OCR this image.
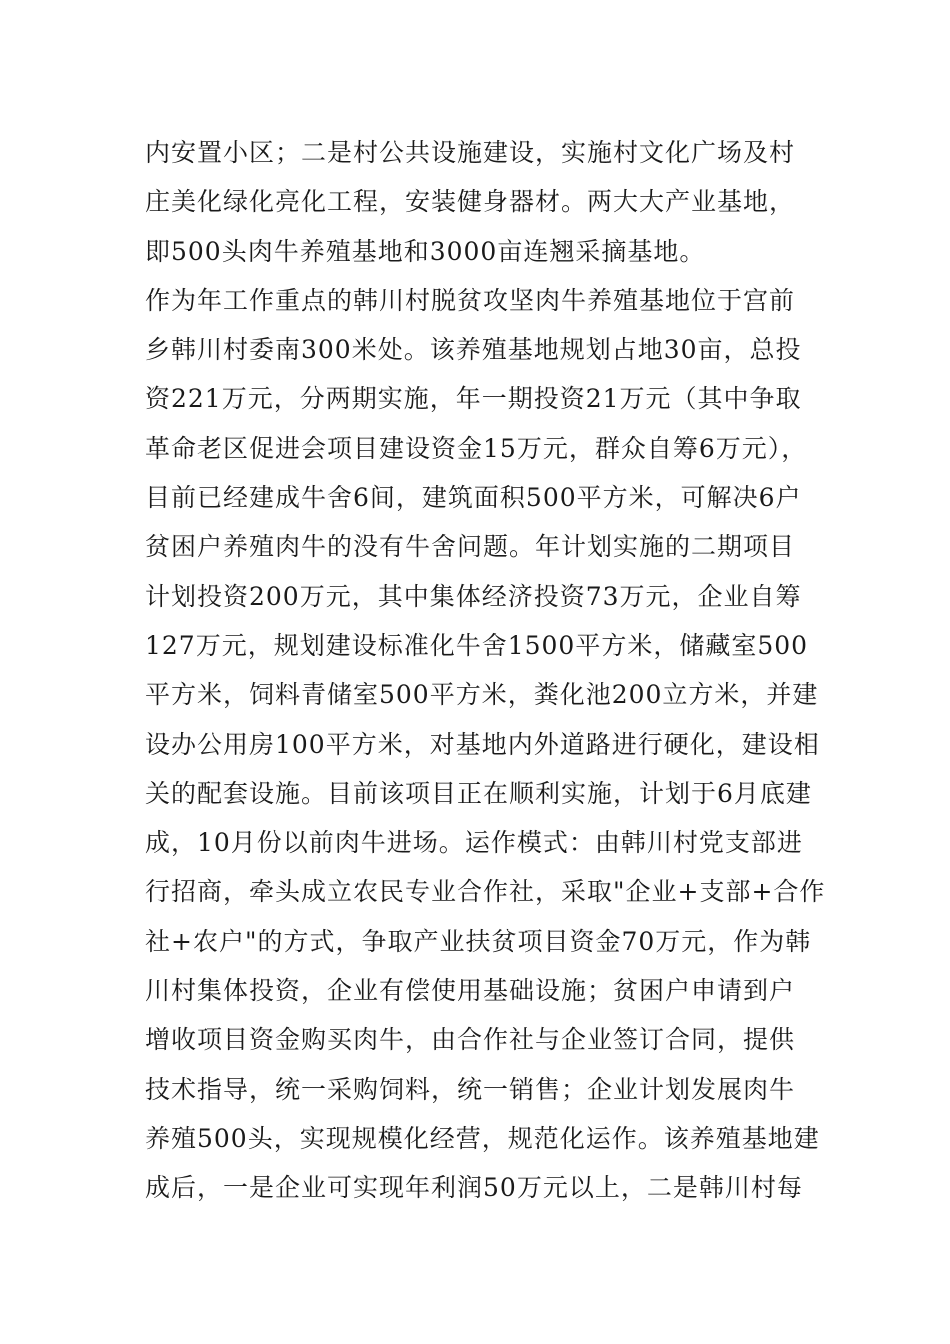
内安置小区；二是村公共设施建设，实施村文化广场及村
庄美化绿化亮化工程，安装健身器材。两大大产业基地，
即500头肉牛养殖基地和3000亩连翘采摘基地。
作为年工作重点的韩川村脱贫攻坚肉牛养殖基地位于宫前
乡韩川村委南300米处。该养殖基地规划占地30亩，总投
资221万元，分两期实施，年一期投资21万元（其中争取
革命老区促进会项目建设资金15万元，群众自筹6万元），
目前已经建成牛舍6间，建筑面积500平方米，可解决6户
贫困户养殖肉牛的没有牛舍问题。年计划实施的二期项目
计划投资200万元，其中集体经济投资73万元，企业自筹
127万元，规划建设标准化牛舍1500平方米，储藏室500
平方米，饲料青储室500平方米，粪化池200立方米，并建
设办公用房100平方米，对基地内外道路进行硬化，建设相
关的配套设施。目前该项目正在顺利实施，计划于6月底建
成，10月份以前肉牛进场。运作模式：由韩川村党支部进
行招商，牵头成立农民专业合作社，采取"企业+支部+合作
社+农户"的方式，争取产业扶贫项目资金70万元，作为韩
川村集体投资，企业有偿使用基础设施；贫困户申请到户
增收项目资金购买肉牛，由合作社与企业签订合同，提供
技术指导，统一采购饲料，统一销售；企业计划发展肉牛
养殖500头，实现规模化经营，规范化运作。该养殖基地建
成后，一是企业可实现年利润50万元以上，二是韩川村每
